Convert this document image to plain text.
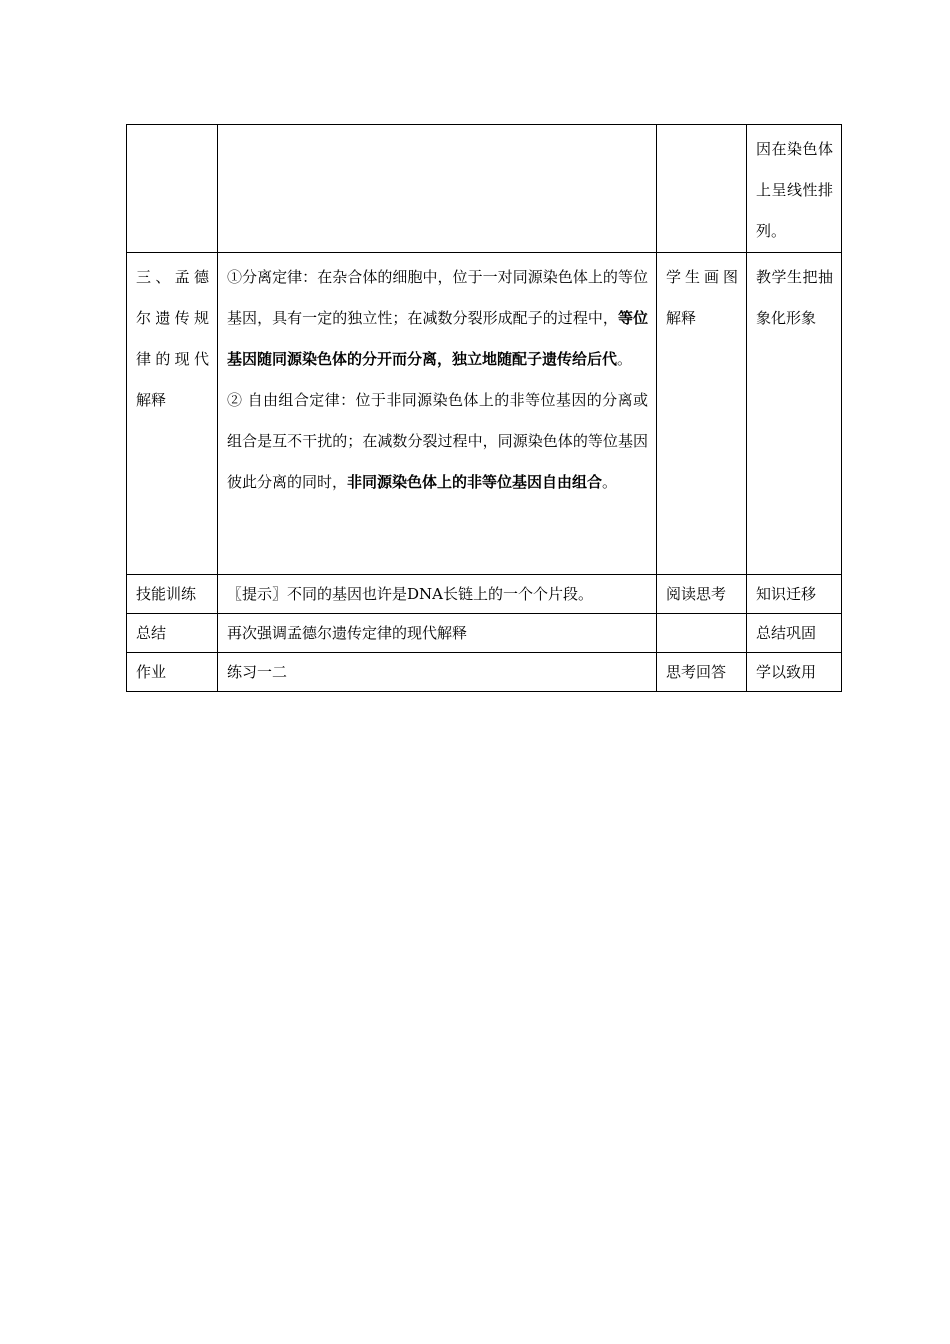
			因在染色体上呈线性排列。
三、孟德尔遗传规律的现代解释	①分离定律：在杂合体的细胞中，位于一对同源染色体上的等位基因，具有一定的独立性；在减数分裂形成配子的过程中，等位基因随同源染色体的分开而分离，独立地随配子遗传给后代。
② 自由组合定律：位于非同源染色体上的非等位基因的分离或组合是互不干扰的；在减数分裂过程中，同源染色体的等位基因彼此分离的同时，非同源染色体上的非等位基因自由组合。	学生画图解释	教学生把抽象化形象
技能训练	〖提示〗不同的基因也许是DNA长链上的一个个片段。	阅读思考	知识迁移
总结	再次强调孟德尔遗传定律的现代解释		总结巩固
作业	练习一二	思考回答	学以致用
